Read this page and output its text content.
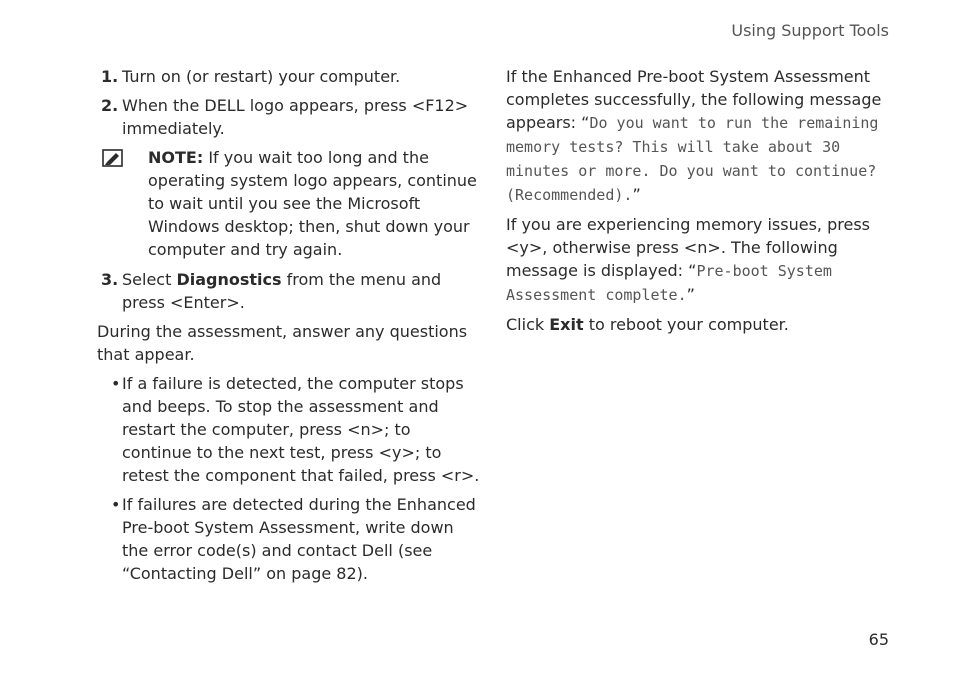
Using Support Tools
1. Turn on (or restart) your computer.
2. When the DELL logo appears, press <F12> immediately.
NOTE: If you wait too long and the operating system logo appears, continue to wait until you see the Microsoft Windows desktop; then, shut down your computer and try again.
3. Select Diagnostics from the menu and press <Enter>.
During the assessment, answer any questions that appear.
• If a failure is detected, the computer stops and beeps. To stop the assessment and restart the computer, press <n>; to continue to the next test, press <y>; to retest the component that failed, press <r>.
• If failures are detected during the Enhanced Pre-boot System Assessment, write down the error code(s) and contact Dell (see “Contacting Dell” on page 82).
If the Enhanced Pre-boot System Assessment completes successfully, the following message appears: “Do you want to run the remaining memory tests? This will take about 30 minutes or more. Do you want to continue? (Recommended).”
If you are experiencing memory issues, press <y>, otherwise press <n>. The following message is displayed: “Pre-boot System Assessment complete.”
Click Exit to reboot your computer.
65
